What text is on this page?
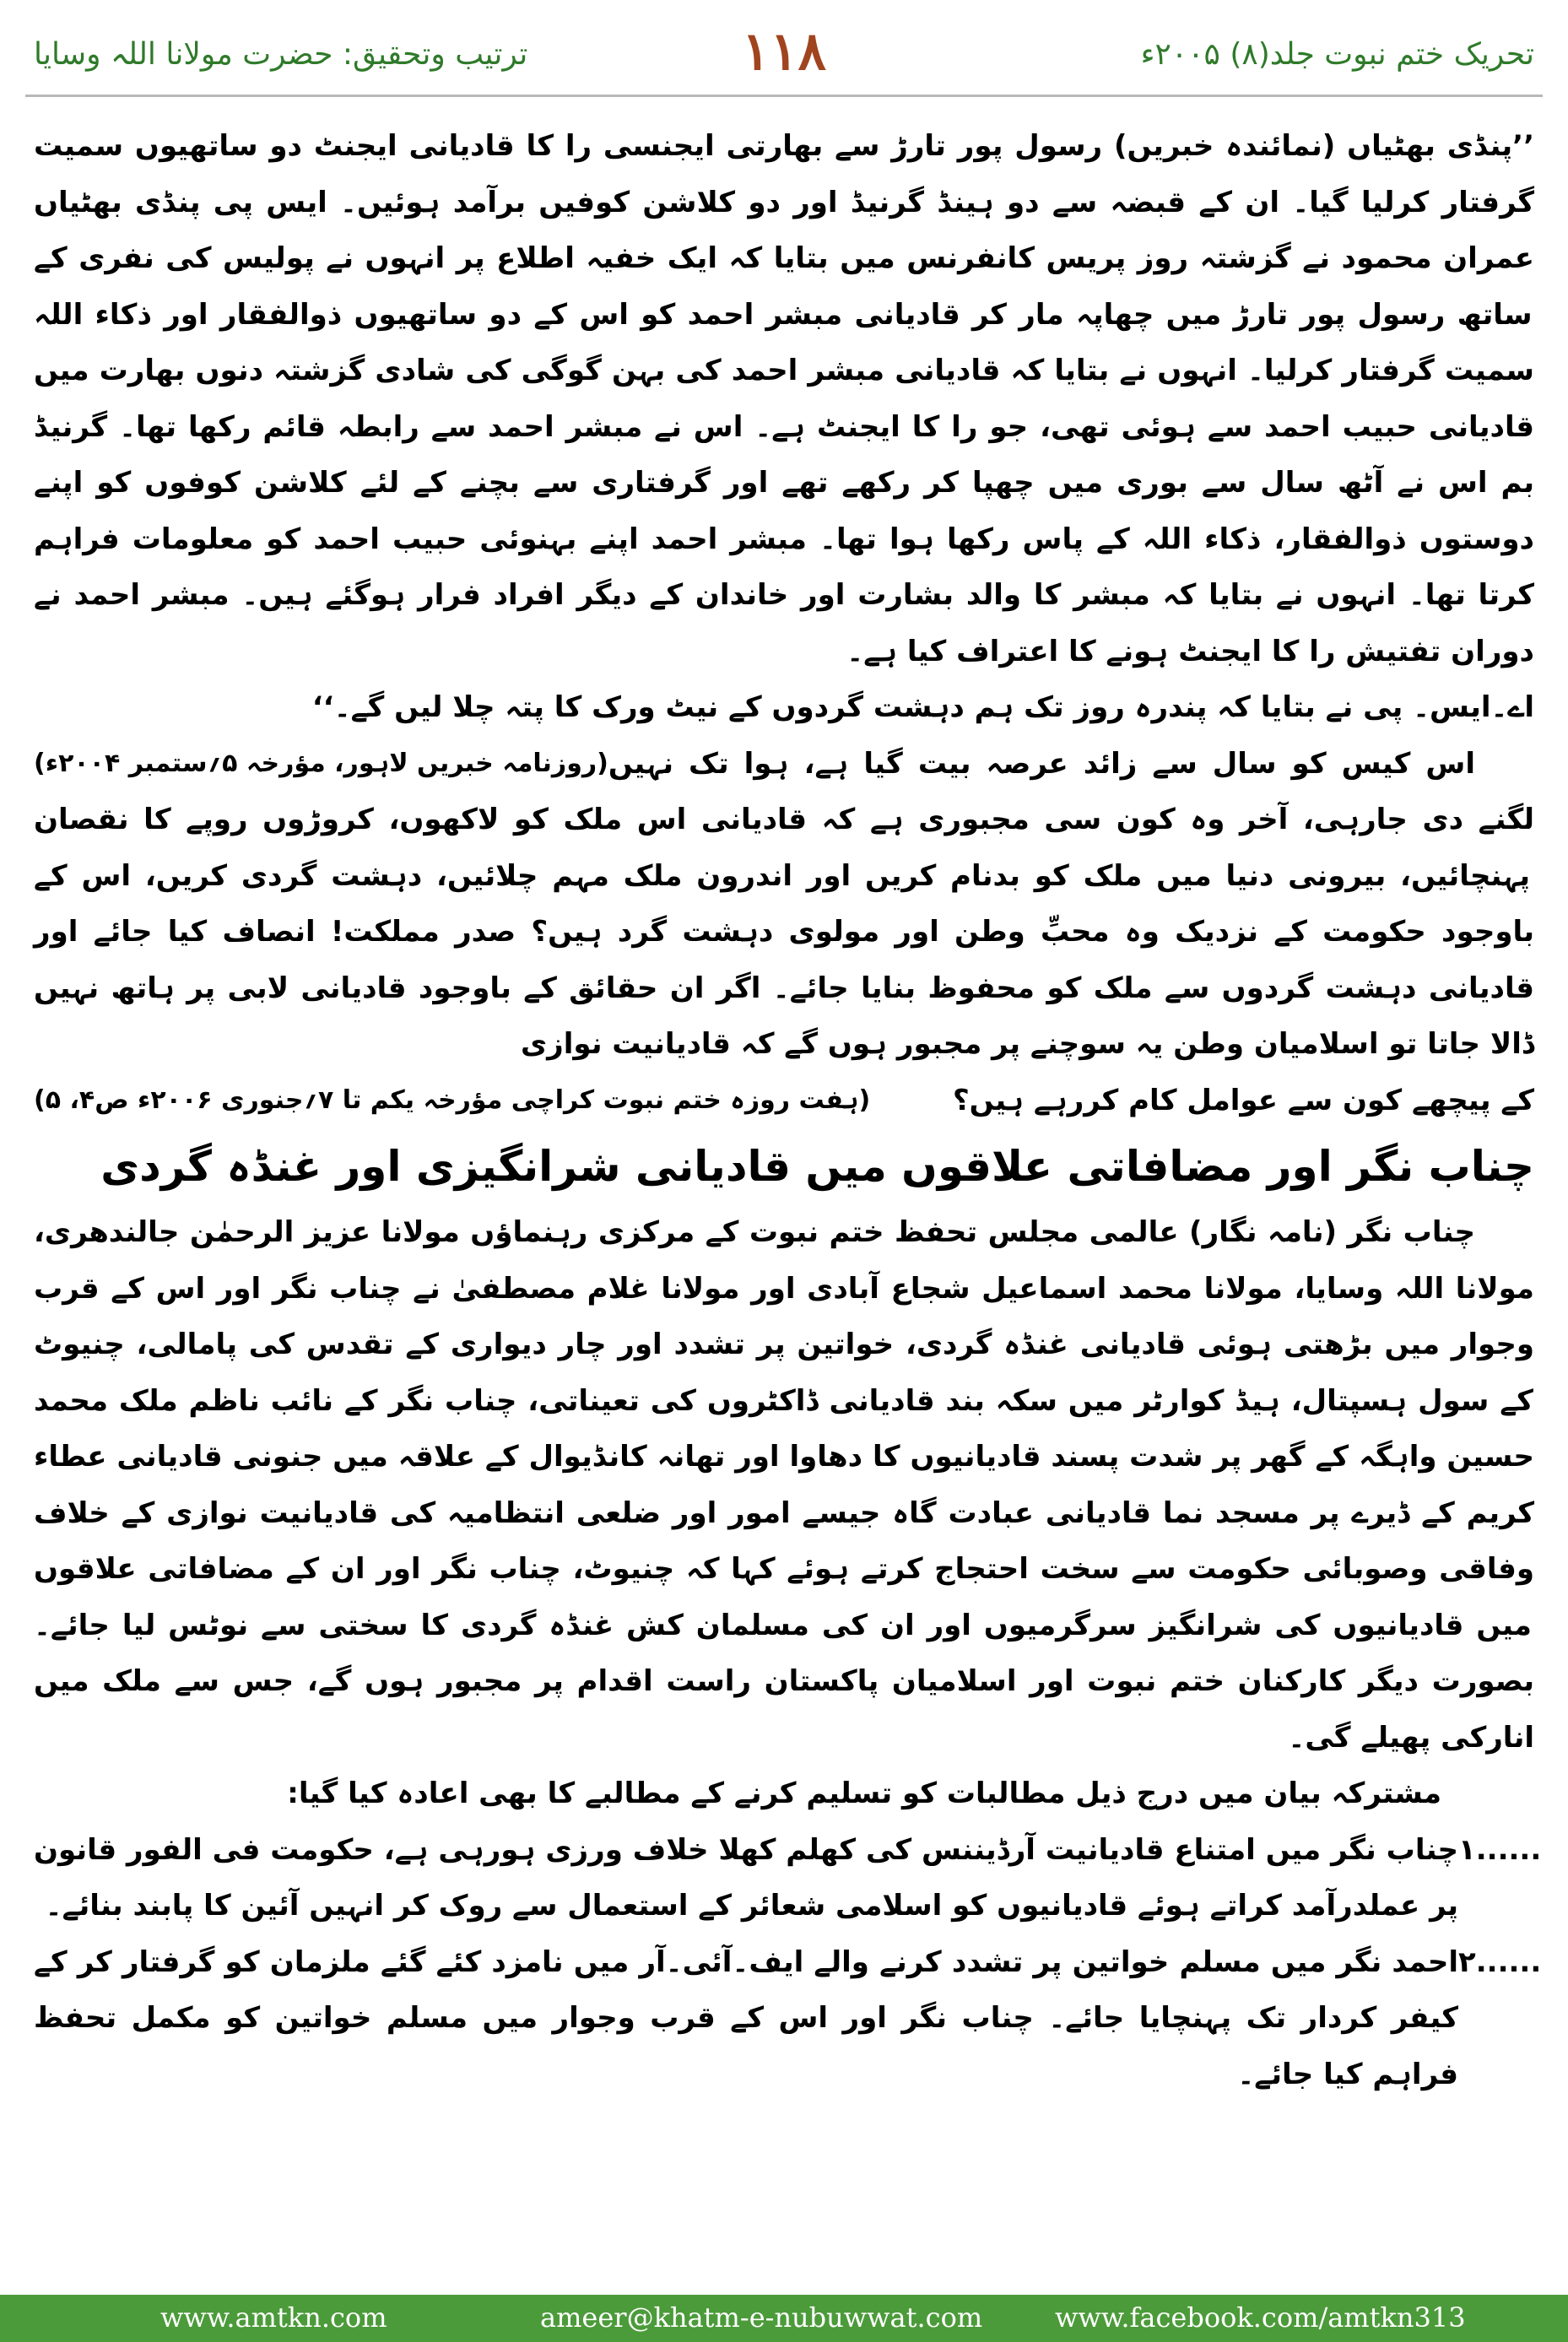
تحریک ختم نبوت جلد(۸) ۲۰۰۵ء
۱۱۸
ترتیب وتحقیق: حضرت مولانا اللہ وسایا

’’پنڈی بھٹیاں (نمائندہ خبریں) رسول پور تارڑ سے بھارتی ایجنسی را کا قادیانی ایجنٹ دو ساتھیوں سمیت گرفتار کرلیا گیا۔ ان کے قبضہ سے دو ہینڈ گرنیڈ اور دو کلاشن کوفیں برآمد ہوئیں۔ ایس پی پنڈی بھٹیاں عمران محمود نے گزشتہ روز پریس کانفرنس میں بتایا کہ ایک خفیہ اطلاع پر انہوں نے پولیس کی نفری کے ساتھ رسول پور تارڑ میں چھاپہ مار کر قادیانی مبشر احمد کو اس کے دو ساتھیوں ذوالفقار اور ذکاء اللہ سمیت گرفتار کرلیا۔ انہوں نے بتایا کہ قادیانی مبشر احمد کی بہن گوگی کی شادی گزشتہ دنوں بھارت میں قادیانی حبیب احمد سے ہوئی تھی، جو را کا ایجنٹ ہے۔ اس نے مبشر احمد سے رابطہ قائم رکھا تھا۔ گرنیڈ بم اس نے آٹھ سال سے بوری میں چھپا کر رکھے تھے اور گرفتاری سے بچنے کے لئے کلاشن کوفوں کو اپنے دوستوں ذوالفقار، ذکاء اللہ کے پاس رکھا ہوا تھا۔ مبشر احمد اپنے بہنوئی حبیب احمد کو معلومات فراہم کرتا تھا۔ انہوں نے بتایا کہ مبشر کا والد بشارت اور خاندان کے دیگر افراد فرار ہوگئے ہیں۔ مبشر احمد نے دوران تفتیش را کا ایجنٹ ہونے کا اعتراف کیا ہے۔

اے۔ایس۔ پی نے بتایا کہ پندرہ روز تک ہم دہشت گردوں کے نیٹ ورک کا پتہ چلا لیں گے۔‘‘
(روزنامہ خبریں لاہور، مؤرخہ ۵؍ستمبر ۲۰۰۴ء) اس کیس کو سال سے زائد عرصہ بیت گیا ہے، ہوا تک نہیں لگنے دی جارہی، آخر وہ کون سی مجبوری ہے کہ قادیانی اس ملک کو لاکھوں، کروڑوں روپے کا نقصان پہنچائیں، بیرونی دنیا میں ملک کو بدنام کریں اور اندرون ملک مہم چلائیں، دہشت گردی کریں، اس کے باوجود حکومت کے نزدیک وہ محبِّ وطن اور مولوی دہشت گرد ہیں؟ صدر مملکت! انصاف کیا جائے اور قادیانی دہشت گردوں سے ملک کو محفوظ بنایا جائے۔ اگر ان حقائق کے باوجود قادیانی لابی پر ہاتھ نہیں ڈالا جاتا تو اسلامیان وطن یہ سوچنے پر مجبور ہوں گے کہ قادیانیت نوازی

کے پیچھے کون سے عوامل کام کررہے ہیں؟
(ہفت روزہ ختم نبوت کراچی مؤرخہ یکم تا ۷؍جنوری ۲۰۰۶ء ص۴، ۵)

چناب نگر اور مضافاتی علاقوں میں قادیانی شرانگیزی اور غنڈہ گردی

چناب نگر (نامہ نگار) عالمی مجلس تحفظ ختم نبوت کے مرکزی رہنماؤں مولانا عزیز الرحمٰن جالندھری، مولانا اللہ وسایا، مولانا محمد اسماعیل شجاع آبادی اور مولانا غلام مصطفیٰ نے چناب نگر اور اس کے قرب وجوار میں بڑھتی ہوئی قادیانی غنڈہ گردی، خواتین پر تشدد اور چار دیواری کے تقدس کی پامالی، چنیوٹ کے سول ہسپتال، ہیڈ کوارٹر میں سکہ بند قادیانی ڈاکٹروں کی تعیناتی، چناب نگر کے نائب ناظم ملک محمد حسین واہگہ کے گھر پر شدت پسند قادیانیوں کا دھاوا اور تھانہ کانڈیوال کے علاقہ میں جنونی قادیانی عطاء کریم کے ڈیرے پر مسجد نما قادیانی عبادت گاہ جیسے امور اور ضلعی انتظامیہ کی قادیانیت نوازی کے خلاف وفاقی وصوبائی حکومت سے سخت احتجاج کرتے ہوئے کہا کہ چنیوٹ، چناب نگر اور ان کے مضافاتی علاقوں میں قادیانیوں کی شرانگیز سرگرمیوں اور ان کی مسلمان کش غنڈہ گردی کا سختی سے نوٹس لیا جائے۔ بصورت دیگر کارکنان ختم نبوت اور اسلامیان پاکستان راست اقدام پر مجبور ہوں گے، جس سے ملک میں انارکی پھیلے گی۔

مشترکہ بیان میں درج ذیل مطالبات کو تسلیم کرنے کے مطالبے کا بھی اعادہ کیا گیا:

۱......
چناب نگر میں امتناع قادیانیت آرڈیننس کی کھلم کھلا خلاف ورزی ہورہی ہے، حکومت فی الفور قانون پر عملدرآمد کراتے ہوئے قادیانیوں کو اسلامی شعائر کے استعمال سے روک کر انہیں آئین کا پابند بنائے۔
۲......
احمد نگر میں مسلم خواتین پر تشدد کرنے والے ایف۔آئی۔آر میں نامزد کئے گئے ملزمان کو گرفتار کر کے کیفر کردار تک پہنچایا جائے۔ چناب نگر اور اس کے قرب وجوار میں مسلم خواتین کو مکمل تحفظ فراہم کیا جائے۔
www.amtkn.com	ameer@khatm-e-nubuwwat.com	www.facebook.com/amtkn313
